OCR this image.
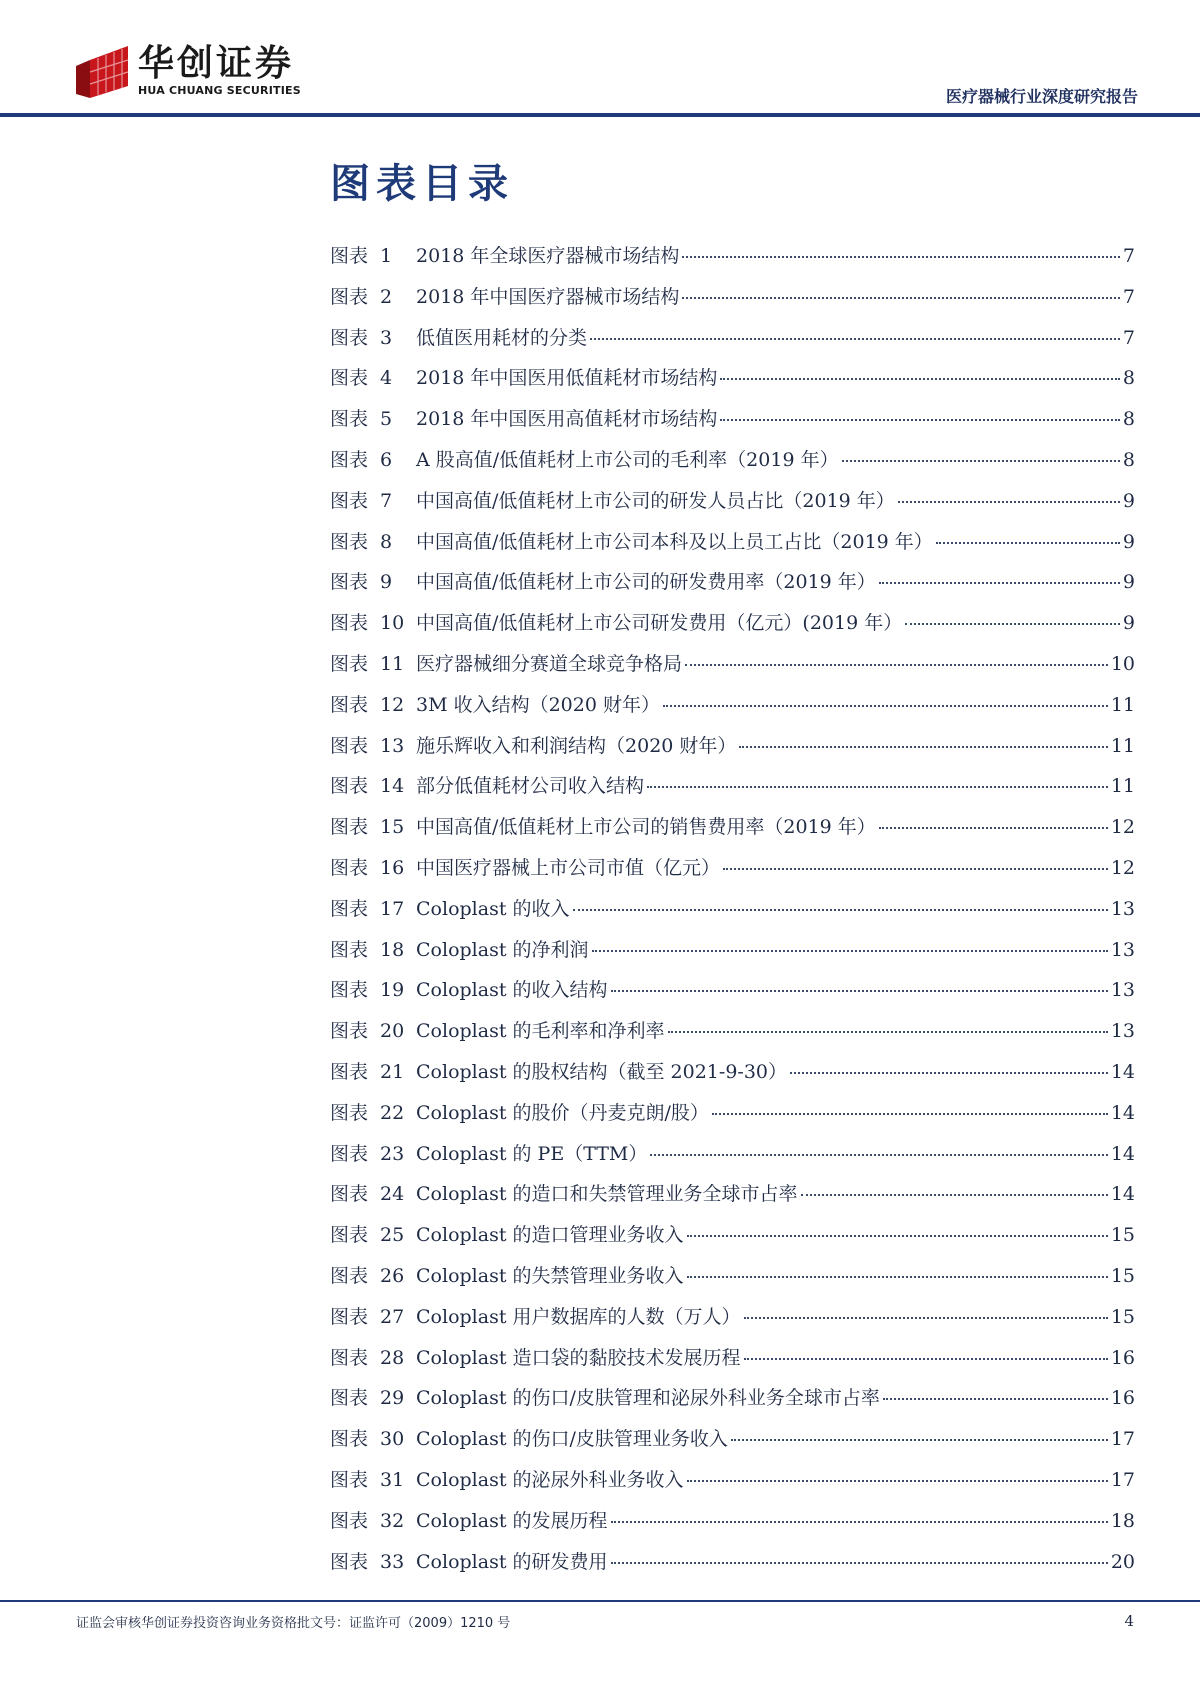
华创证券
HUA CHUANG SECURITIES	医疗器械行业深度研究报告
图表目录
图表 1	2018 年全球医疗器械市场结构	7
图表 2	2018 年中国医疗器械市场结构	7
图表 3	低值医用耗材的分类	7
图表 4	2018 年中国医用低值耗材市场结构	8
图表 5	2018 年中国医用高值耗材市场结构	8
图表 6	A 股高值/低值耗材上市公司的毛利率（2019 年）	8
图表 7	中国高值/低值耗材上市公司的研发人员占比（2019 年）	9
图表 8	中国高值/低值耗材上市公司本科及以上员工占比（2019 年）	9
图表 9	中国高值/低值耗材上市公司的研发费用率（2019 年）	9
图表 10 中国高值/低值耗材上市公司研发费用（亿元）(2019 年）	9
图表 11 医疗器械细分赛道全球竞争格局	10
图表 12 3M 收入结构（2020 财年）	11
图表 13 施乐辉收入和利润结构（2020 财年）	11
图表 14 部分低值耗材公司收入结构	11
图表 15 中国高值/低值耗材上市公司的销售费用率（2019 年）	12
图表 16 中国医疗器械上市公司市值（亿元）	12
图表 17 Coloplast 的收入	13
图表 18 Coloplast 的净利润	13
图表 19 Coloplast 的收入结构	13
图表 20 Coloplast 的毛利率和净利率	13
图表 21 Coloplast 的股权结构（截至 2021-9-30）	14
图表 22 Coloplast 的股价（丹麦克朗/股）	14
图表 23 Coloplast 的 PE（TTM）	14
图表 24 Coloplast 的造口和失禁管理业务全球市占率	14
图表 25 Coloplast 的造口管理业务收入	15
图表 26 Coloplast 的失禁管理业务收入	15
图表 27 Coloplast 用户数据库的人数（万人）	15
图表 28 Coloplast 造口袋的黏胶技术发展历程	16
图表 29 Coloplast 的伤口/皮肤管理和泌尿外科业务全球市占率	16
图表 30 Coloplast 的伤口/皮肤管理业务收入	17
图表 31 Coloplast 的泌尿外科业务收入	17
图表 32 Coloplast 的发展历程	18
图表 33 Coloplast 的研发费用	20
证监会审核华创证券投资咨询业务资格批文号：证监许可（2009）1210 号	4
